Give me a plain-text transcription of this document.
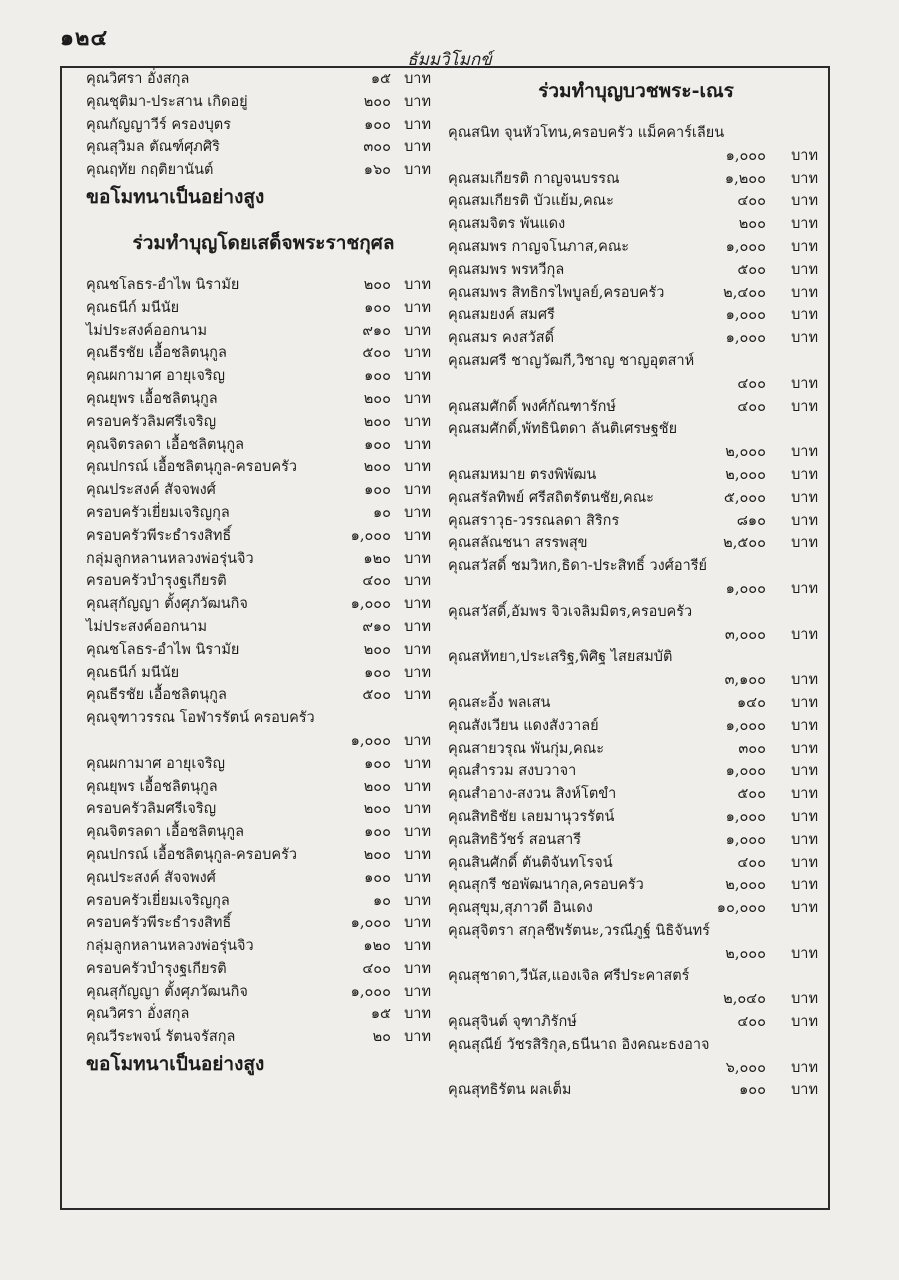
๑๒๔
ธัมมวิโมกข์
คุณวิศรา อั่งสกุล	๑๕ บาท
คุณชุติมา-ประสาน เกิดอยู่	๒๐๐ บาท
คุณกัญญาวีร์ ครองบุตร	๑๐๐ บาท
คุณสุวิมล ตัณฑ์ศุภศิริ	๓๐๐ บาท
คุณฤทัย กฤติยานันต์	๑๖๐ บาท
ขอโมทนาเป็นอย่างสูง
ร่วมทำบุญโดยเสด็จพระราชกุศล
คุณชโลธร-อำไพ นิรามัย	๒๐๐ บาท
คุณธนีก์ มนีนัย	๑๐๐ บาท
ไม่ประสงค์ออกนาม	๙๑๐ บาท
คุณธีรชัย เอื้อชลิตนุกูล	๕๐๐ บาท
คุณผกามาศ อายุเจริญ	๑๐๐ บาท
คุณยุพร เอื้อชลิตนุกูล	๒๐๐ บาท
ครอบครัวลิมศรีเจริญ	๒๐๐ บาท
คุณจิตรลดา เอื้อชลิตนุกูล	๑๐๐ บาท
คุณปกรณ์ เอื้อชลิตนุกูล-ครอบครัว	๒๐๐ บาท
คุณประสงค์ สัจจพงศ์	๑๐๐ บาท
ครอบครัวเยี่ยมเจริญกุล	๑๐ บาท
ครอบครัวพีระธำรงสิทธิ์	๑,๐๐๐ บาท
กลุ่มลูกหลานหลวงพ่อรุ่นจิว	๑๒๐ บาท
ครอบครัวบำรุงฐเกียรติ	๔๐๐ บาท
คุณสุกัญญา ตั้งศุภวัฒนกิจ	๑,๐๐๐ บาท
ไม่ประสงค์ออกนาม	๙๑๐ บาท
คุณชโลธร-อำไพ นิรามัย	๒๐๐ บาท
คุณธนีก์ มนีนัย	๑๐๐ บาท
คุณธีรชัย เอื้อชลิตนุกูล	๕๐๐ บาท
คุณจุฑาวรรณ โอฬารรัตน์ ครอบครัว
๑,๐๐๐ บาท
คุณผกามาศ อายุเจริญ	๑๐๐ บาท
คุณยุพร เอื้อชลิตนุกูล	๒๐๐ บาท
ครอบครัวลิมศรีเจริญ	๒๐๐ บาท
คุณจิตรลดา เอื้อชลิตนุกูล	๑๐๐ บาท
คุณปกรณ์ เอื้อชลิตนุกูล-ครอบครัว	๒๐๐ บาท
คุณประสงค์ สัจจพงศ์	๑๐๐ บาท
ครอบครัวเยี่ยมเจริญกุล	๑๐ บาท
ครอบครัวพีระธำรงสิทธิ์	๑,๐๐๐ บาท
กลุ่มลูกหลานหลวงพ่อรุ่นจิว	๑๒๐ บาท
ครอบครัวบำรุงฐเกียรติ	๔๐๐ บาท
คุณสุกัญญา ตั้งศุภวัฒนกิจ	๑,๐๐๐ บาท
คุณวิศรา อั่งสกุล	๑๕ บาท
คุณวีระพจน์ รัตนจรัสกุล	๒๐ บาท
ขอโมทนาเป็นอย่างสูง
ร่วมทำบุญบวชพระ-เณร
คุณสนิท จุนหัวโทน,ครอบครัว แม็คคาร์เลียน
๑,๐๐๐ บาท
คุณสมเกียรติ กาญจนบรรณ	๑,๒๐๐ บาท
คุณสมเกียรติ บัวแย้ม,คณะ	๔๐๐ บาท
คุณสมจิตร พันแดง	๒๐๐ บาท
คุณสมพร กาญจโนภาส,คณะ	๑,๐๐๐ บาท
คุณสมพร พรหวีกุล	๕๐๐ บาท
คุณสมพร สิทธิกรไพบูลย์,ครอบครัว	๒,๔๐๐ บาท
คุณสมยงค์ สมศรี	๑,๐๐๐ บาท
คุณสมร คงสวัสดิ์	๑,๐๐๐ บาท
คุณสมศรี ชาญวัฒกี,วิชาญ ชาญอุตสาห์
๔๐๐ บาท
คุณสมศักดิ์ พงศ์กัณฑารักษ์	๔๐๐ บาท
คุณสมศักดิ์,พัทธินิตดา ลันติเศรษฐชัย
๒,๐๐๐ บาท
คุณสมหมาย ตรงพิพัฒน	๒,๐๐๐ บาท
คุณสรัลทิพย์ ศรีสถิตรัตนชัย,คณะ	๕,๐๐๐ บาท
คุณสราวุธ-วรรณลดา สิริกร	๘๑๐ บาท
คุณสลัณชนา สรรพสุข	๒,๕๐๐ บาท
คุณสวัสดิ์ ชมวิหก,ธิดา-ประสิทธิ์ วงศ์อารีย์
๑,๐๐๐ บาท
คุณสวัสดิ์,อัมพร จิวเจลิมมิตร,ครอบครัว
๓,๐๐๐ บาท
คุณสหัทยา,ประเสริฐ,พิศิฐ ไสยสมบัติ
๓,๑๐๐ บาท
คุณสะอิ้ง พลเสน	๑๔๐ บาท
คุณสังเวียน แดงสังวาลย์	๑,๐๐๐ บาท
คุณสายวรุณ พันกุ่ม,คณะ	๓๐๐ บาท
คุณสำรวม สงบวาจา	๑,๐๐๐ บาท
คุณสำอาง-สงวน สิงห์โตขำ	๕๐๐ บาท
คุณสิทธิชัย เลยมานุวรรัตน์	๑,๐๐๐ บาท
คุณสิทธิวัชร์ สอนสารี	๑,๐๐๐ บาท
คุณสินศักดิ์ ตันติจันทโรจน์	๔๐๐ บาท
คุณสุกรี ชอพัฒนากุล,ครอบครัว	๒,๐๐๐ บาท
คุณสุขุม,สุภาวดี อินเดง	๑๐,๐๐๐ บาท
คุณสุจิตรา สกุลชีพรัตนะ,วรณีภูฐ์ นิธิจันทร์
๒,๐๐๐ บาท
คุณสุชาดา,วีนัส,แองเจิล ศรีประคาสตร์
๒,๐๔๐ บาท
คุณสุจินต์ จุฑาภิรักษ์	๔๐๐ บาท
คุณสุณีย์ วัชรสิริกุล,ธนีนาถ อิงคณะธงอาจ
๖,๐๐๐ บาท
คุณสุทธิรัตน ผลเต็ม	๑๐๐ บาท
